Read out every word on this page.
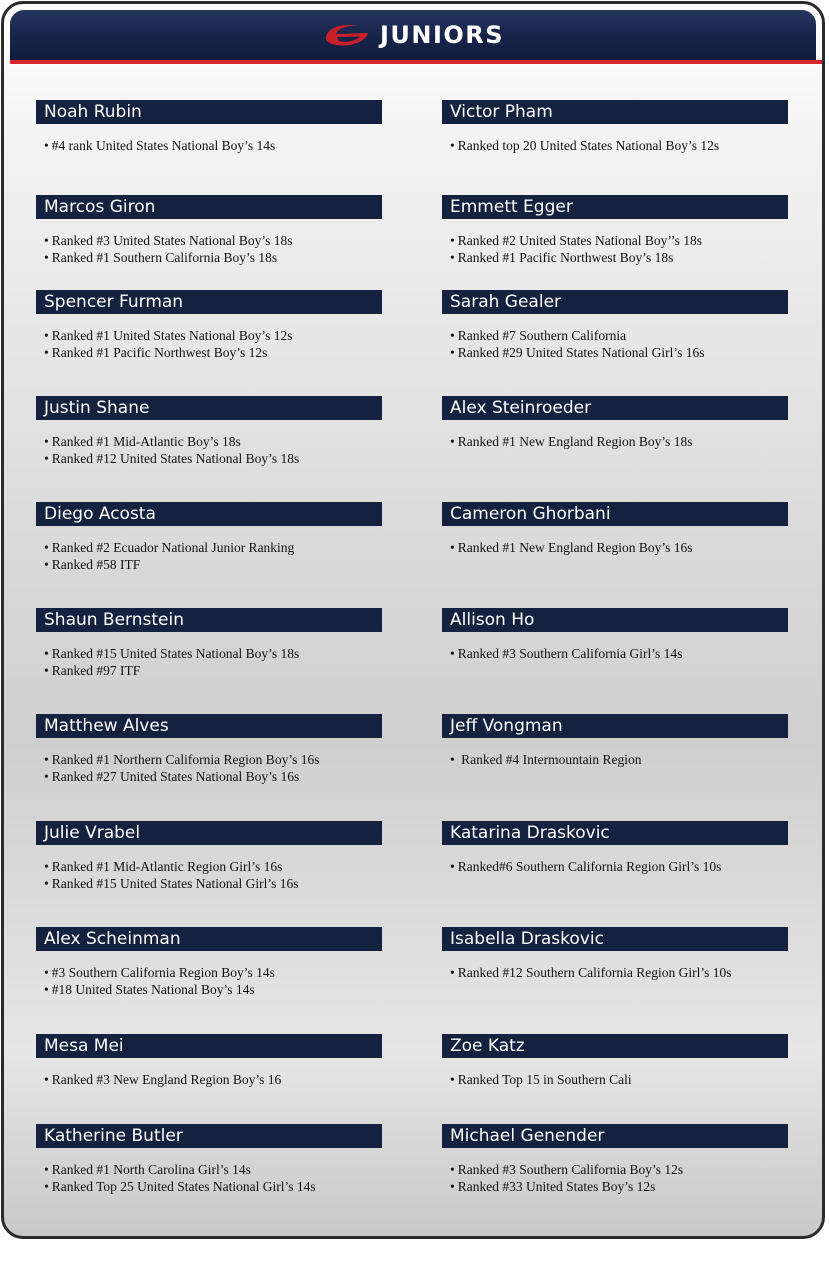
JUNIORS
Noah Rubin
• #4 rank United States National Boy’s 14s
Victor Pham
• Ranked top 20 United States National Boy’s 12s
Marcos Giron
• Ranked #3 United States National Boy’s 18s
• Ranked #1 Southern California Boy’s 18s
Emmett Egger
• Ranked #2 United States National Boy’’s 18s
• Ranked #1 Pacific Northwest Boy’s 18s
Spencer Furman
• Ranked #1 United States National Boy’s 12s
• Ranked #1 Pacific Northwest Boy’s 12s
Sarah Gealer
• Ranked #7 Southern California
• Ranked #29 United States National Girl’s 16s
Justin Shane
• Ranked #1 Mid-Atlantic Boy’s 18s
• Ranked #12 United States National Boy’s 18s
Alex Steinroeder
• Ranked #1 New England Region Boy’s 18s
Diego Acosta
• Ranked #2 Ecuador National Junior Ranking
• Ranked #58 ITF
Cameron Ghorbani
• Ranked #1 New England Region Boy’s 16s
Shaun Bernstein
• Ranked #15 United States National Boy’s 18s
• Ranked #97 ITF
Allison Ho
• Ranked #3 Southern California Girl’s 14s
Matthew Alves
• Ranked #1 Northern California Region Boy’s 16s
• Ranked #27 United States National Boy’s 16s
Jeff Vongman
• Ranked #4 Intermountain Region
Julie Vrabel
• Ranked #1 Mid-Atlantic Region Girl’s 16s
• Ranked #15 United States National Girl’s 16s
Katarina Draskovic
• Ranked#6 Southern California Region Girl’s 10s
Alex Scheinman
• #3 Southern California Region Boy’s 14s
• #18 United States National Boy’s 14s
Isabella Draskovic
• Ranked #12 Southern California Region Girl’s 10s
Mesa Mei
• Ranked #3 New England Region Boy’s 16
Zoe Katz
• Ranked Top 15 in Southern Cali
Katherine Butler
• Ranked #1 North Carolina Girl’s 14s
• Ranked Top 25 United States National Girl’s 14s
Michael Genender
• Ranked #3 Southern California Boy’s 12s
• Ranked #33 United States Boy’s 12s
